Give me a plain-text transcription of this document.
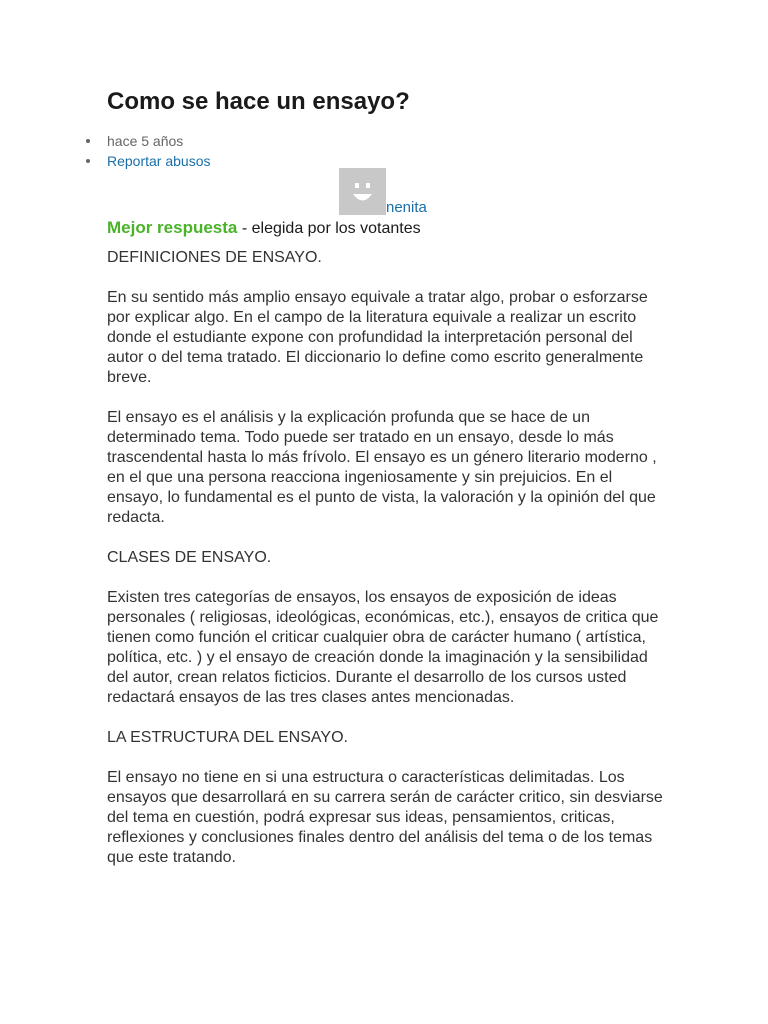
Como se hace un ensayo?
hace 5 años
Reportar abusos
nenita
Mejor respuesta - elegida por los votantes

DEFINICIONES DE ENSAYO.

En su sentido más amplio ensayo equivale a tratar algo, probar o esforzarse por explicar algo. En el campo de la literatura equivale a realizar un escrito donde el estudiante expone con profundidad la interpretación personal del autor o del tema tratado. El diccionario lo define como escrito generalmente breve.

El ensayo es el análisis y la explicación profunda que se hace de un determinado tema. Todo puede ser tratado en un ensayo, desde lo más trascendental hasta lo más frívolo. El ensayo es un género literario moderno , en el que una persona reacciona ingeniosamente y sin prejuicios. En el ensayo, lo fundamental es el punto de vista, la valoración y la opinión del que redacta.

CLASES DE ENSAYO.

Existen tres categorías de ensayos, los ensayos de exposición de ideas personales ( religiosas, ideológicas, económicas, etc.), ensayos de critica que tienen como función el criticar cualquier obra de carácter humano ( artística, política, etc. ) y el ensayo de creación donde la imaginación y la sensibilidad del autor, crean relatos ficticios. Durante el desarrollo de los cursos usted redactará ensayos de las tres clases antes mencionadas.

LA ESTRUCTURA DEL ENSAYO.

El ensayo no tiene en si una estructura o características delimitadas. Los ensayos que desarrollará en su carrera serán de carácter critico, sin desviarse del tema en cuestión, podrá expresar sus ideas, pensamientos, criticas, reflexiones y conclusiones finales dentro del análisis del tema o de los temas que este tratando.
